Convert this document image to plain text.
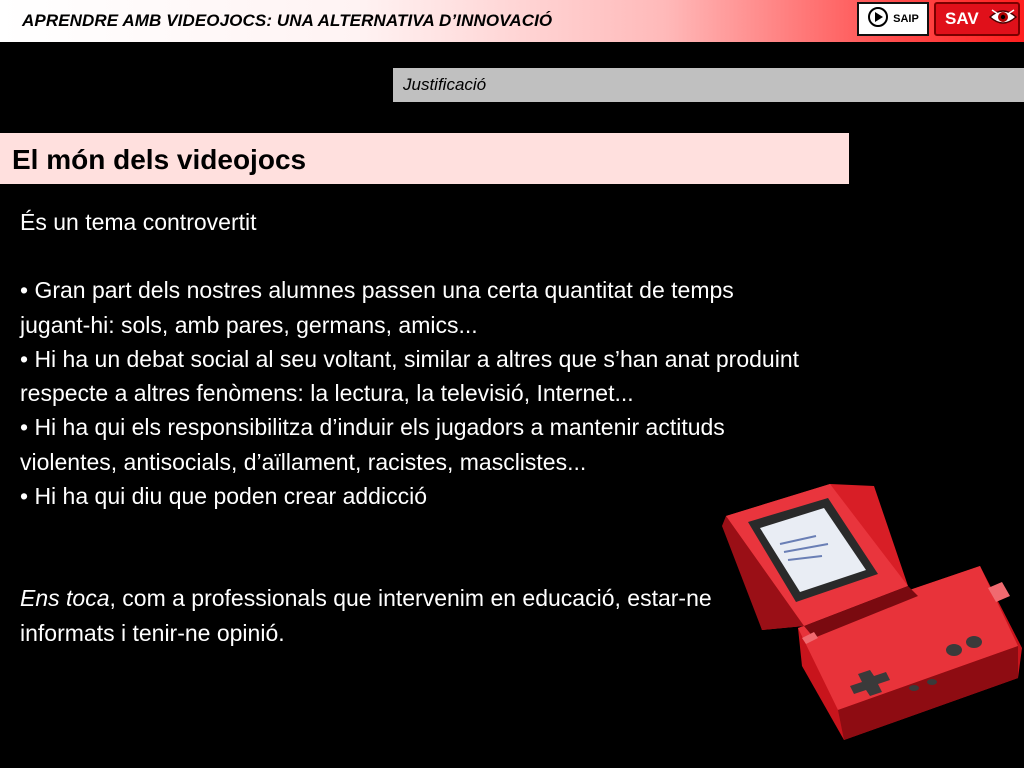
APRENDRE AMB VIDEOJOCS: UNA ALTERNATIVA D’INNOVACIÓ	SAIP SAV
Justificació
El món dels videojocs

És un tema controvertit

• Gran part dels nostres alumnes passen una certa quantitat de temps jugant-hi: sols, amb pares, germans, amics...

• Hi ha un debat social al seu voltant, similar a altres que s’han anat produint respecte a altres fenòmens: la lectura, la televisió, Internet...

• Hi ha qui els responsibilitza d’induir els jugadors a mantenir actituds violentes, antisocials, d’aïllament, racistes, masclistes...

• Hi ha qui diu que poden crear addicció

Ens toca, com a professionals que intervenim en educació, estar-ne informats i tenir-ne opinió.
